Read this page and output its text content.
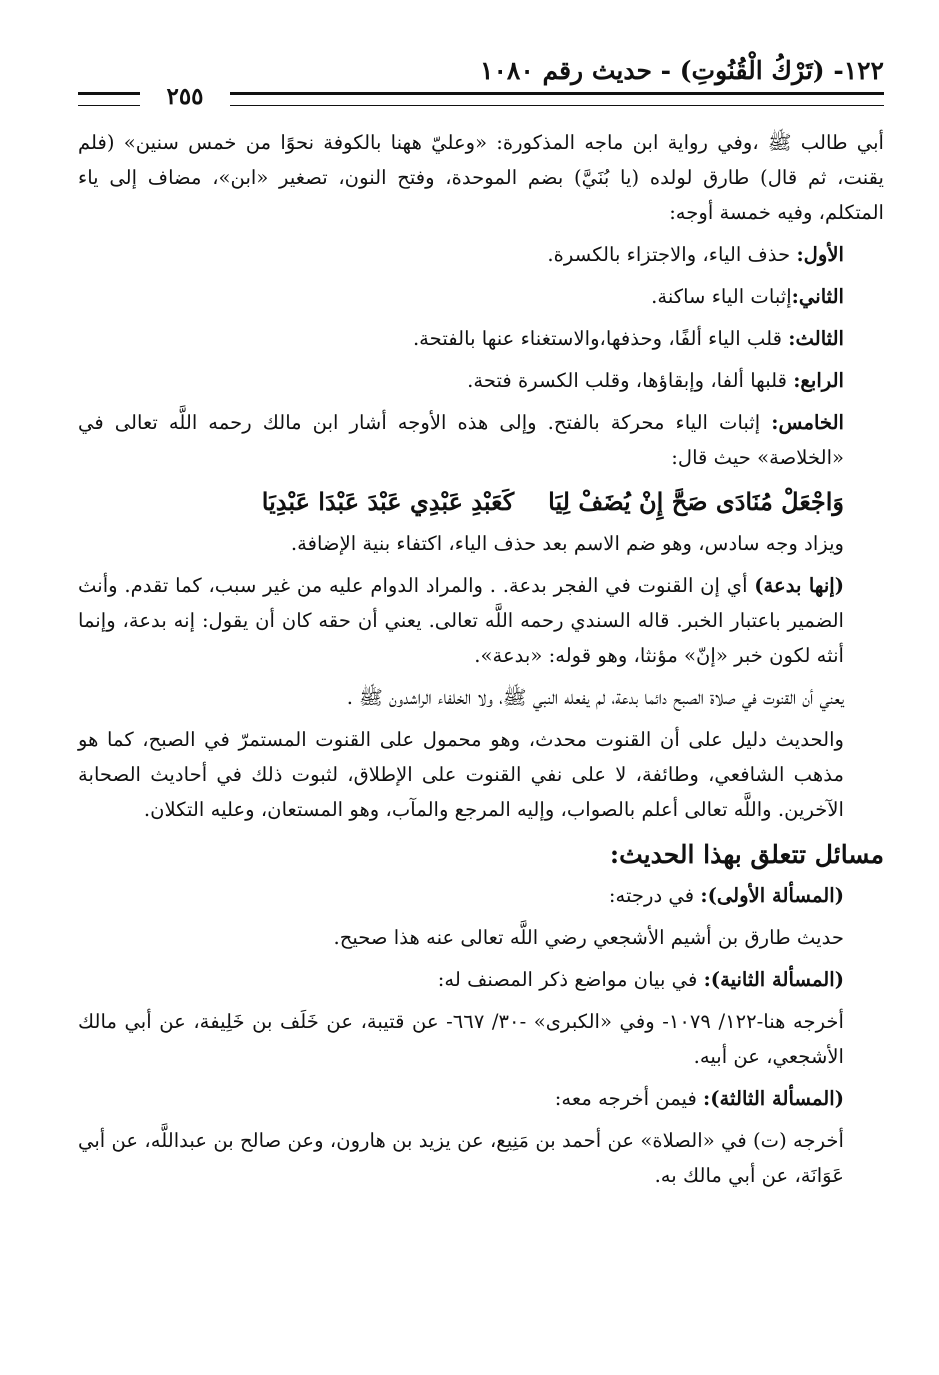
١٢٢- (تَرْكُ الْقُنُوتِ) - حديث رقم ١٠٨٠
٢٥٥

أبي طالب ﷺ ،وفي رواية ابن ماجه المذكورة: «وعليّ ههنا بالكوفة نحوًا من خمس سنين» (فلم يقنت، ثم قال) طارق لولده (يا بُنَيَّ) بضم الموحدة، وفتح النون، تصغير «ابن»، مضاف إلى ياء المتكلم، وفيه خمسة أوجه:

الأول: حذف الياء، والاجتزاء بالكسرة.

الثاني:إثبات الياء ساكنة.

الثالث: قلب الياء ألفًا، وحذفها،والاستغناء عنها بالفتحة.

الرابع: قلبها ألفا، وإبقاؤها، وقلب الكسرة فتحة.

الخامس: إثبات الياء محركة بالفتح. وإلى هذه الأوجه أشار ابن مالك رحمه اللَّه تعالى في «الخلاصة» حيث قال:

وَاجْعَلْ مُنَادَى صَحَّ إِنْ يُضَفْ لِيَاكَعَبْدِ عَبْدِي عَبْدَ عَبْدَا عَبْدِيَا

ويزاد وجه سادس، وهو ضم الاسم بعد حذف الياء، اكتفاء بنية الإضافة.

(إنها بدعة) أي إن القنوت في الفجر بدعة. . والمراد الدوام عليه من غير سبب، كما تقدم. وأنث الضمير باعتبار الخبر. قاله السندي رحمه اللَّه تعالى. يعني أن حقه كان أن يقول: إنه بدعة، وإنما أنثه لكون خبر «إنّ» مؤنثا، وهو قوله: «بدعة».

يعني أن القنوت في صلاة الصبح دائما بدعة، لم يفعله النبي ﷺ، ولا الخلفاء الراشدون ﷺ .

والحديث دليل على أن القنوت محدث، وهو محمول على القنوت المستمرّ في الصبح، كما هو مذهب الشافعي، وطائفة، لا على نفي القنوت على الإطلاق، لثبوت ذلك في أحاديث الصحابة الآخرين. واللَّه تعالى أعلم بالصواب، وإليه المرجع والمآب، وهو المستعان، وعليه التكلان.

مسائل تتعلق بهذا الحديث:

(المسألة الأولى): في درجته:

حديث طارق بن أشيم الأشجعي رضي اللَّه تعالى عنه هذا صحيح.

(المسألة الثانية): في بيان مواضع ذكر المصنف له:

أخرجه هنا-١٢٢/ ١٠٧٩- وفي «الكبرى» -٣٠/ ٦٦٧- عن قتيبة، عن خَلَف بن خَلِيفة، عن أبي مالك الأشجعي، عن أبيه.

(المسألة الثالثة): فيمن أخرجه معه:

أخرجه (ت) في «الصلاة» عن أحمد بن مَنِيع، عن يزيد بن هارون، وعن صالح بن عبداللَّه، عن أبي عَوَانَة، عن أبي مالك به.
